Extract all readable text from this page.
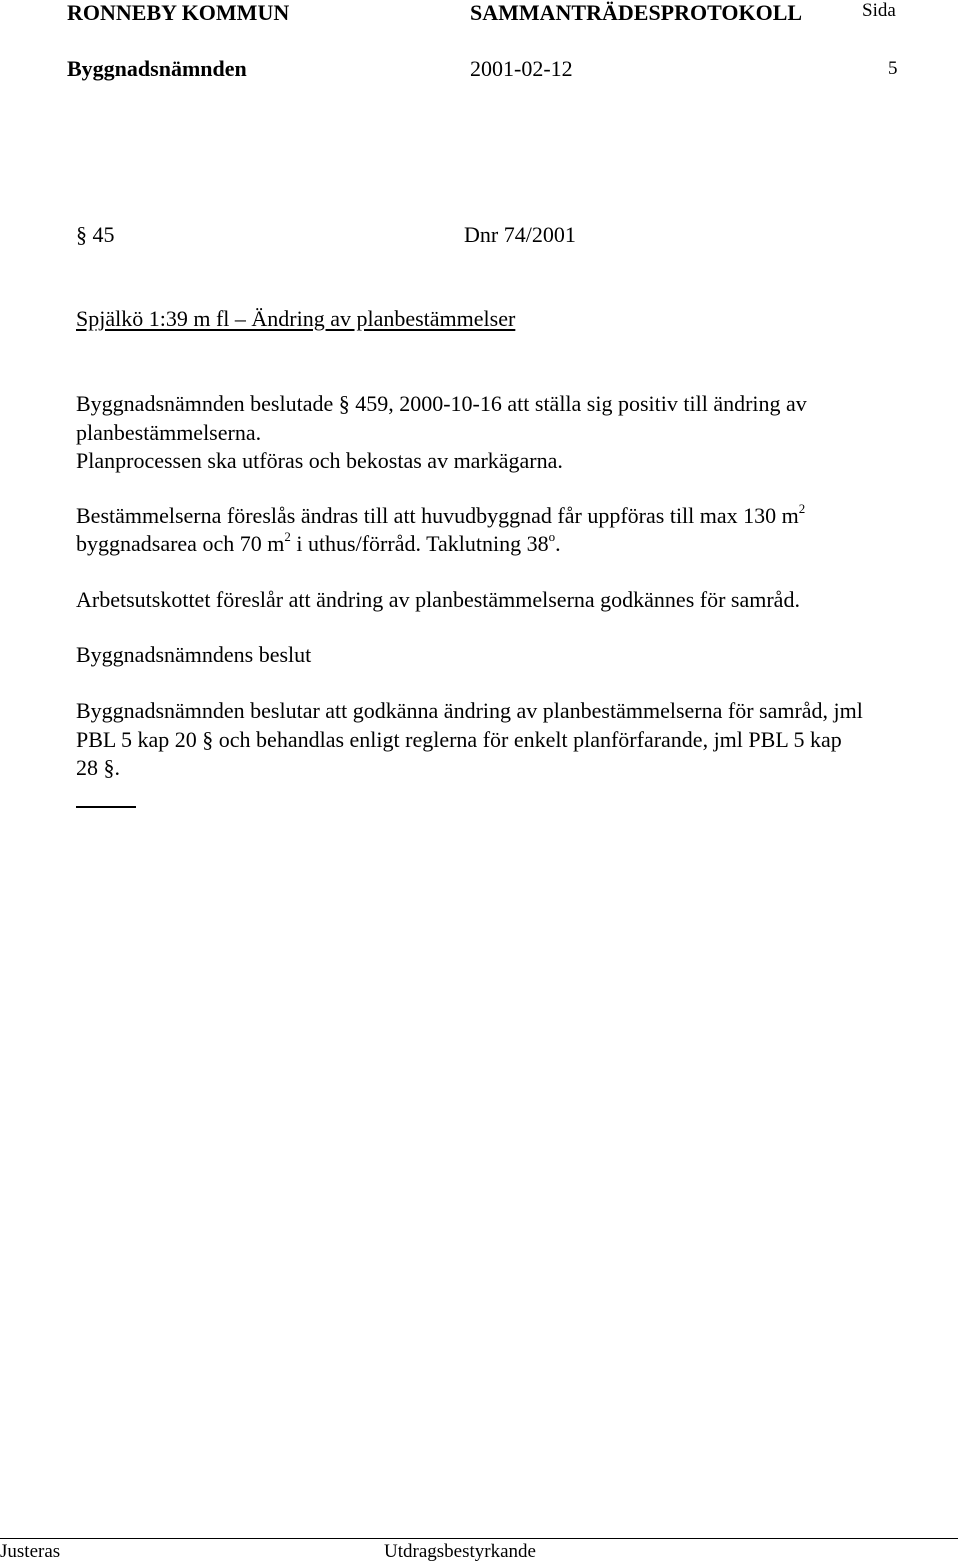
RONNEBY KOMMUN	SAMMANTRÄDESPROTOKOLL	Sida
Byggnadsnämnden	2001-02-12	5
§ 45	Dnr 74/2001
Spjälkö 1:39 m fl – Ändring av planbestämmelser
Byggnadsnämnden beslutade § 459, 2000-10-16 att ställa sig positiv till ändring av
planbestämmelserna.
Planprocessen ska utföras och bekostas av markägarna.
Bestämmelserna föreslås ändras till att huvudbyggnad får uppföras till max 130 $m^2$
byggnadsarea och 70 $m^2$ i uthus/förråd. Taklutning 38$^o$.
Arbetsutskottet föreslår att ändring av planbestämmelserna godkännes för samråd.
Byggnadsnämndens beslut
Byggnadsnämnden beslutar att godkänna ändring av planbestämmelserna för samråd, jml
PBL 5 kap 20 § och behandlas enligt reglerna för enkelt planförfarande, jml PBL 5 kap
28 §.
Justeras	Utdragsbestyrkande
